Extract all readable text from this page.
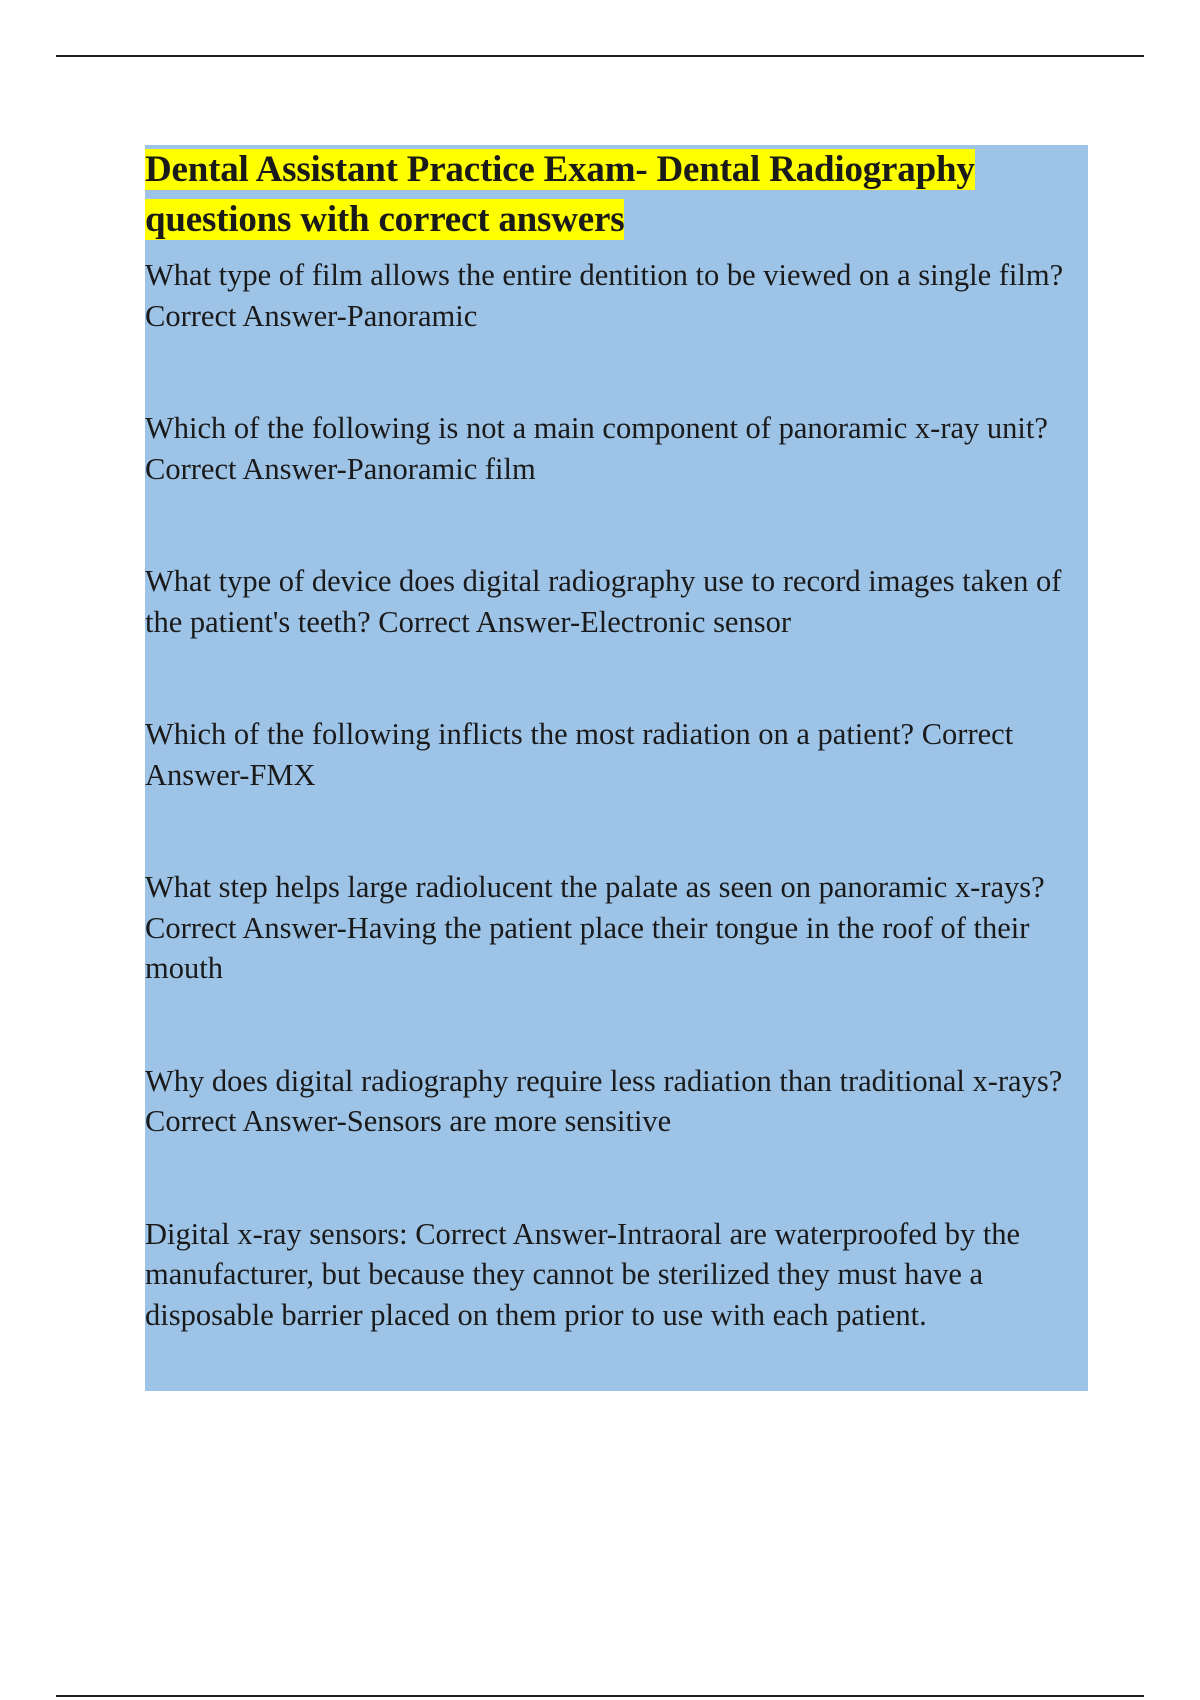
Dental Assistant Practice Exam- Dental Radiography questions with correct answers
What type of film allows the entire dentition to be viewed on a single film? Correct Answer-Panoramic
Which of the following is not a main component of panoramic x-ray unit? Correct Answer-Panoramic film
What type of device does digital radiography use to record images taken of the patient's teeth? Correct Answer-Electronic sensor
Which of the following inflicts the most radiation on a patient? Correct Answer-FMX
What step helps large radiolucent the palate as seen on panoramic x-rays? Correct Answer-Having the patient place their tongue in the roof of their mouth
Why does digital radiography require less radiation than traditional x-rays? Correct Answer-Sensors are more sensitive
Digital x-ray sensors: Correct Answer-Intraoral are waterproofed by the manufacturer, but because they cannot be sterilized they must have a disposable barrier placed on them prior to use with each patient.
